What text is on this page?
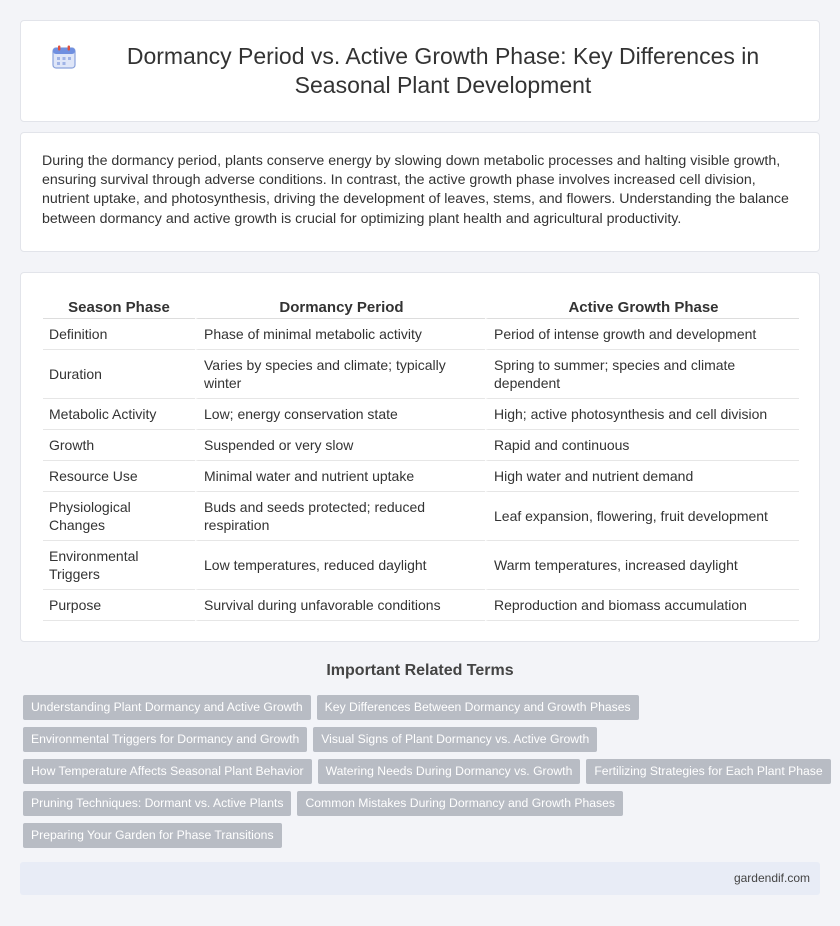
Dormancy Period vs. Active Growth Phase: Key Differences in Seasonal Plant Development

During the dormancy period, plants conserve energy by slowing down metabolic processes and halting visible growth, ensuring survival through adverse conditions. In contrast, the active growth phase involves increased cell division, nutrient uptake, and photosynthesis, driving the development of leaves, stems, and flowers. Understanding the balance between dormancy and active growth is crucial for optimizing plant health and agricultural productivity.

Season Phase	Dormancy Period	Active Growth Phase
Definition	Phase of minimal metabolic activity	Period of intense growth and development
Duration	Varies by species and climate; typically winter	Spring to summer; species and climate dependent
Metabolic Activity	Low; energy conservation state	High; active photosynthesis and cell division
Growth	Suspended or very slow	Rapid and continuous
Resource Use	Minimal water and nutrient uptake	High water and nutrient demand
Physiological Changes	Buds and seeds protected; reduced respiration	Leaf expansion, flowering, fruit development
Environmental Triggers	Low temperatures, reduced daylight	Warm temperatures, increased daylight
Purpose	Survival during unfavorable conditions	Reproduction and biomass accumulation
Important Related Terms
Understanding Plant Dormancy and Active Growth	Key Differences Between Dormancy and Growth Phases
Environmental Triggers for Dormancy and Growth	Visual Signs of Plant Dormancy vs. Active Growth
How Temperature Affects Seasonal Plant Behavior	Watering Needs During Dormancy vs. Growth	Fertilizing Strategies for Each Plant Phase
Pruning Techniques: Dormant vs. Active Plants	Common Mistakes During Dormancy and Growth Phases
Preparing Your Garden for Phase Transitions
gardendif.com
